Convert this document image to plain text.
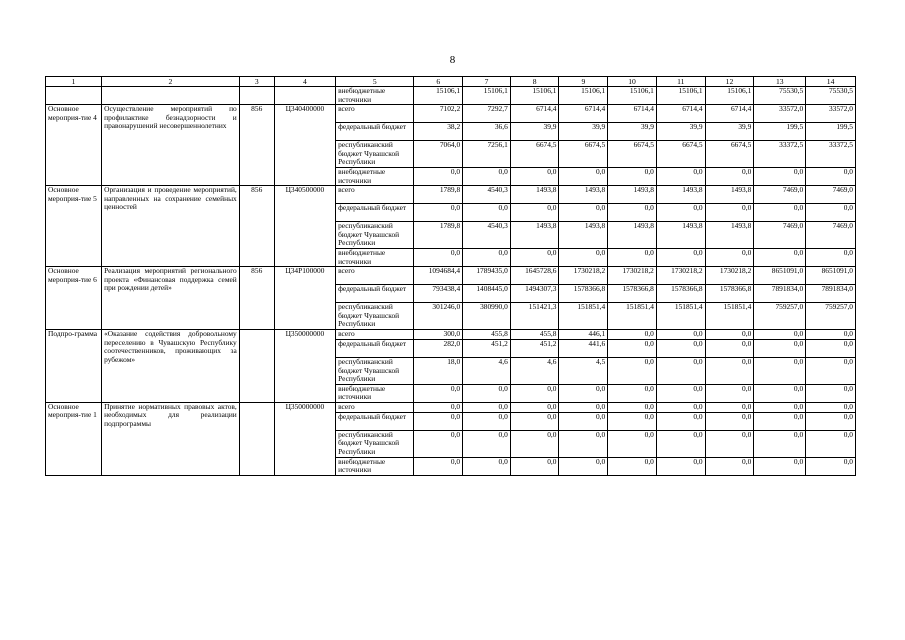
8
1	2	3	4	5	6	7	8	9	10	11	12	13	14
				внебюджетные источники	15106,1	15106,1	15106,1	15106,1	15106,1	15106,1	15106,1	75530,5	75530,5
Основное мероприя-тие 4	Осуществление мероприятий по профилактике безнадзорности и правонарушений несовершеннолетних	856	Ц340400000	всего	7102,2	7292,7	6714,4	6714,4	6714,4	6714,4	6714,4	33572,0	33572,0
				федеральный бюджет	38,2	36,6	39,9	39,9	39,9	39,9	39,9	199,5	199,5
				республиканский бюджет Чувашской Республики	7064,0	7256,1	6674,5	6674,5	6674,5	6674,5	6674,5	33372,5	33372,5
				внебюджетные источники	0,0	0,0	0,0	0,0	0,0	0,0	0,0	0,0	0,0
Основное мероприя-тие 5	Организация и проведение мероприятий, направленных на сохранение семейных ценностей	856	Ц340500000	всего	1789,8	4540,3	1493,8	1493,8	1493,8	1493,8	1493,8	7469,0	7469,0
				федеральный бюджет	0,0	0,0	0,0	0,0	0,0	0,0	0,0	0,0	0,0
				республиканский бюджет Чувашской Республики	1789,8	4540,3	1493,8	1493,8	1493,8	1493,8	1493,8	7469,0	7469,0
				внебюджетные источники	0,0	0,0	0,0	0,0	0,0	0,0	0,0	0,0	0,0
Основное мероприя-тие 6	Реализация мероприятий регионального проекта «Финансовая поддержка семей при рождении детей»	856	Ц34P100000	всего	1094684,4	1789435,0	1645728,6	1730218,2	1730218,2	1730218,2	1730218,2	8651091,0	8651091,0
				федеральный бюджет	793438,4	1408445,0	1494307,3	1578366,8	1578366,8	1578366,8	1578366,8	7891834,0	7891834,0
				республиканский бюджет Чувашской Республики	301246,0	380990,0	151421,3	151851,4	151851,4	151851,4	151851,4	759257,0	759257,0
Подпро-грамма	«Оказание содействия добровольному переселению в Чувашскую Республику соотечественников, проживающих за рубежом»		Ц350000000	всего	300,0	455,8	455,8	446,1	0,0	0,0	0,0	0,0	0,0
				федеральный бюджет	282,0	451,2	451,2	441,6	0,0	0,0	0,0	0,0	0,0
				республиканский бюджет Чувашской Республики	18,0	4,6	4,6	4,5	0,0	0,0	0,0	0,0	0,0
				внебюджетные источники	0,0	0,0	0,0	0,0	0,0	0,0	0,0	0,0	0,0
Основное мероприя-тие 1	Принятие нормативных правовых актов, необходимых для реализации подпрограммы		Ц350000000	всего	0,0	0,0	0,0	0,0	0,0	0,0	0,0	0,0	0,0
				федеральный бюджет	0,0	0,0	0,0	0,0	0,0	0,0	0,0	0,0	0,0
				республиканский бюджет Чувашской Республики	0,0	0,0	0,0	0,0	0,0	0,0	0,0	0,0	0,0
				внебюджетные источники	0,0	0,0	0,0	0,0	0,0	0,0	0,0	0,0	0,0
